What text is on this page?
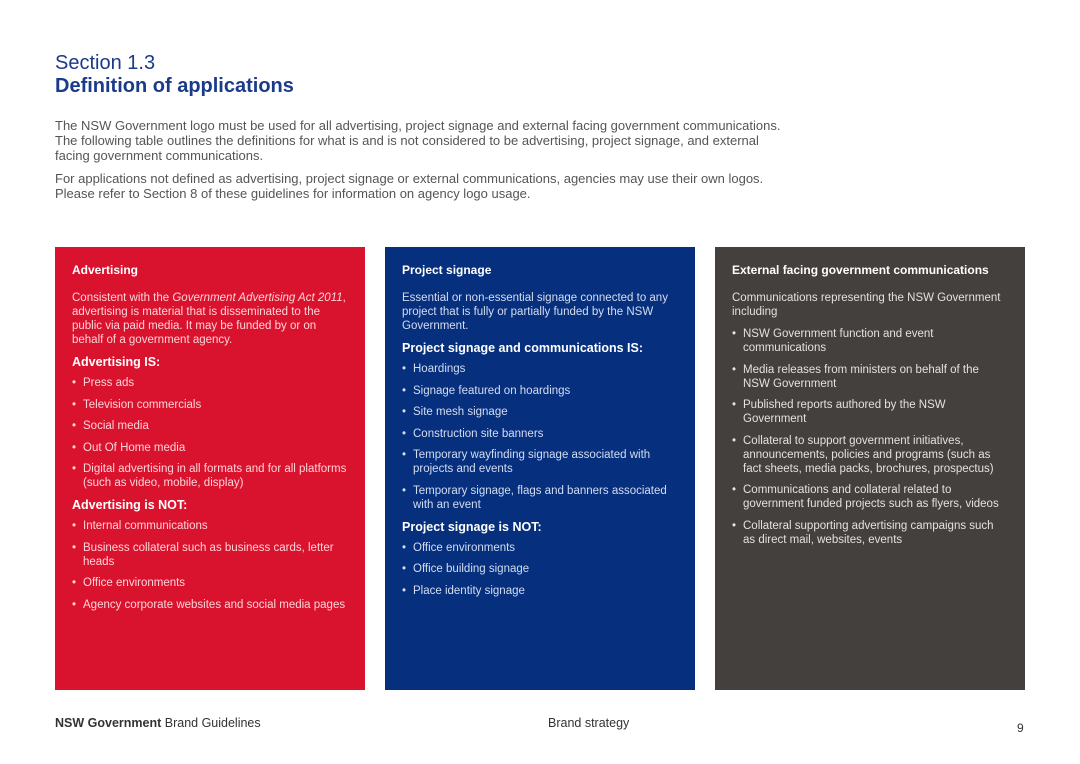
Section 1.3
Definition of applications

The NSW Government logo must be used for all advertising, project signage and external facing government communications. The following table outlines the definitions for what is and is not considered to be advertising, project signage, and external facing government communications.

For applications not defined as advertising, project signage or external communications, agencies may use their own logos. Please refer to Section 8 of these guidelines for information on agency logo usage.

Advertising

Consistent with the Government Advertising Act 2011, advertising is material that is disseminated to the public via paid media. It may be funded by or on behalf of a government agency.

Advertising IS:
• Press ads
• Television commercials
• Social media
• Out Of Home media
• Digital advertising in all formats and for all platforms (such as video, mobile, display)
Advertising is NOT:
• Internal communications
• Business collateral such as business cards, letter heads
• Office environments
• Agency corporate websites and social media pages
Project signage

Essential or non-essential signage connected to any project that is fully or partially funded by the NSW Government.

Project signage and communications IS:
• Hoardings
• Signage featured on hoardings
• Site mesh signage
• Construction site banners
• Temporary wayfinding signage associated with projects and events
• Temporary signage, flags and banners associated with an event
Project signage is NOT:
• Office environments
• Office building signage
• Place identity signage
External facing government communications

Communications representing the NSW Government including

• NSW Government function and event communications
• Media releases from ministers on behalf of the NSW Government
• Published reports authored by the NSW Government
• Collateral to support government initiatives, announcements, policies and programs (such as fact sheets, media packs, brochures, prospectus)
• Communications and collateral related to government funded projects such as flyers, videos
• Collateral supporting advertising campaigns such as direct mail, websites, events
NSW Government Brand Guidelines	Brand strategy	9
